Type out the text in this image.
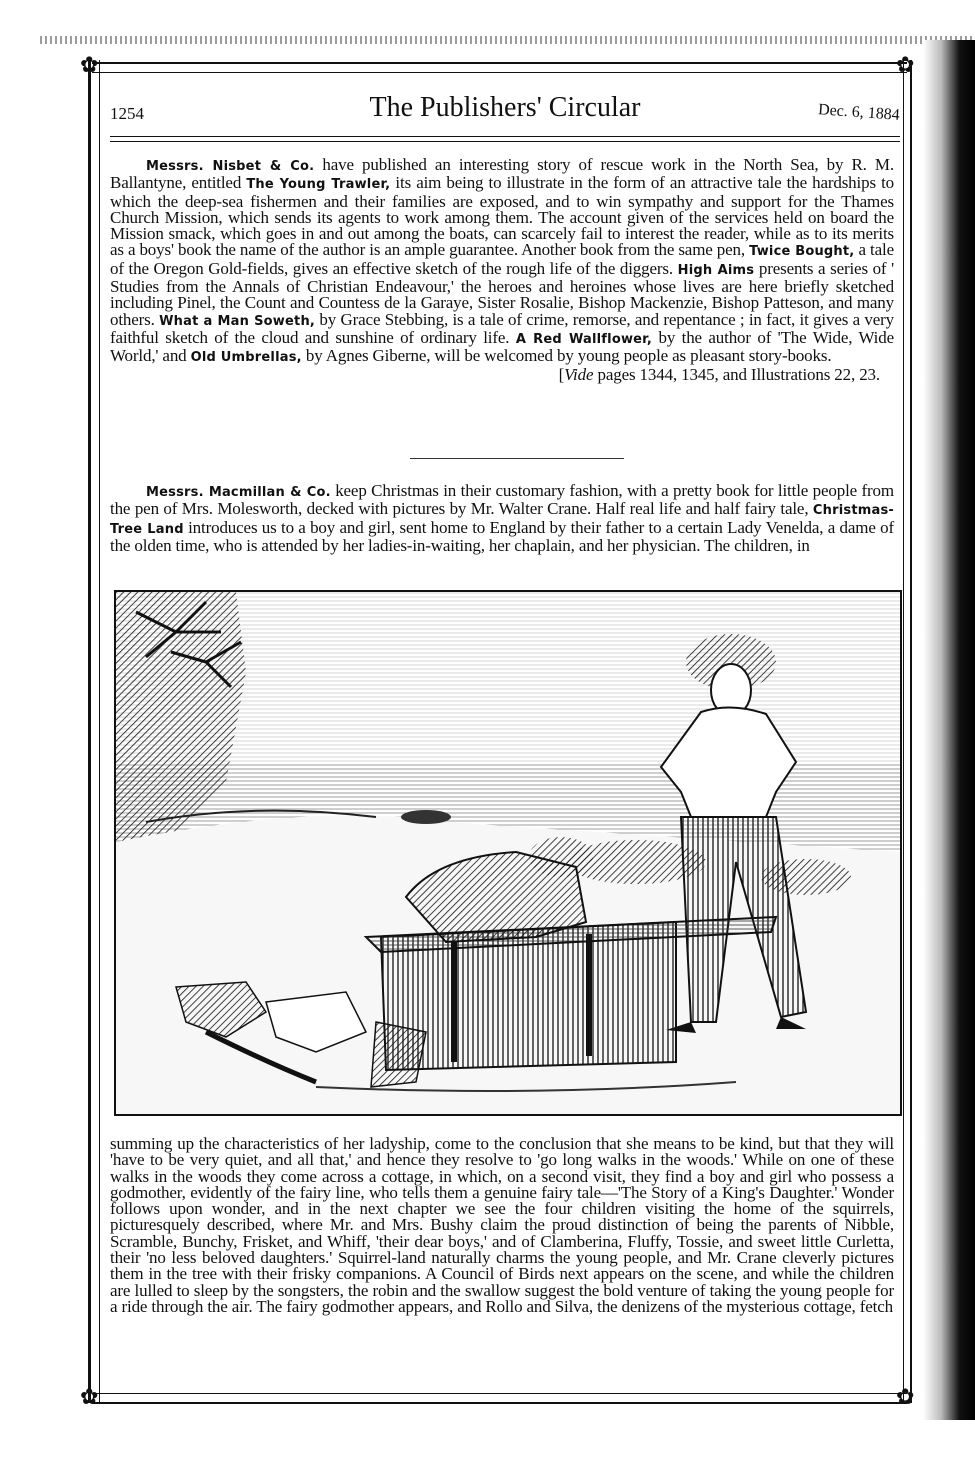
✿	✿
✿	✿
1254	The Publishers' Circular	Dec. 6, 1884

Messrs. Nisbet & Co. have published an interesting story of rescue work in the North Sea, by R. M. Ballantyne, entitled The Young Trawler, its aim being to illustrate in the form of an attractive tale the hardships to which the deep-sea fishermen and their families are exposed, and to win sympathy and support for the Thames Church Mission, which sends its agents to work among them. The account given of the services held on board the Mission smack, which goes in and out among the boats, can scarcely fail to interest the reader, while as to its merits as a boys' book the name of the author is an ample guarantee. Another book from the same pen, Twice Bought, a tale of the Oregon Gold-fields, gives an effective sketch of the rough life of the diggers. High Aims presents a series of ' Studies from the Annals of Christian Endeavour,' the heroes and heroines whose lives are here briefly sketched including Pinel, the Count and Countess de la Garaye, Sister Rosalie, Bishop Mackenzie, Bishop Patteson, and many others. What a Man Soweth, by Grace Stebbing, is a tale of crime, remorse, and repentance ; in fact, it gives a very faithful sketch of the cloud and sunshine of ordinary life. A Red Wallflower, by the author of 'The Wide, Wide World,' and Old Umbrellas, by Agnes Giberne, will be welcomed by young people as pleasant story-books.

[Vide pages 1344, 1345, and Illustrations 22, 23.

Messrs. Macmillan & Co. keep Christmas in their customary fashion, with a pretty book for little people from the pen of Mrs. Molesworth, decked with pictures by Mr. Walter Crane. Half real life and half fairy tale, Christmas-Tree Land introduces us to a boy and girl, sent home to England by their father to a certain Lady Venelda, a dame of the olden time, who is attended by her ladies-in-waiting, her chaplain, and her physician. The children, in

summing up the characteristics of her ladyship, come to the conclusion that she means to be kind, but that they will 'have to be very quiet, and all that,' and hence they resolve to 'go long walks in the woods.' While on one of these walks in the woods they come across a cottage, in which, on a second visit, they find a boy and girl who possess a godmother, evidently of the fairy line, who tells them a genuine fairy tale—'The Story of a King's Daughter.' Wonder follows upon wonder, and in the next chapter we see the four children visiting the home of the squirrels, picturesquely described, where Mr. and Mrs. Bushy claim the proud distinction of being the parents of Nibble, Scramble, Bunchy, Frisket, and Whiff, 'their dear boys,' and of Clamberina, Fluffy, Tossie, and sweet little Curletta, their 'no less beloved daughters.' Squirrel-land naturally charms the young people, and Mr. Crane cleverly pictures them in the tree with their frisky companions. A Council of Birds next appears on the scene, and while the children are lulled to sleep by the songsters, the robin and the swallow suggest the bold venture of taking the young people for a ride through the air. The fairy godmother appears, and Rollo and Silva, the denizens of the mysterious cottage, fetch
